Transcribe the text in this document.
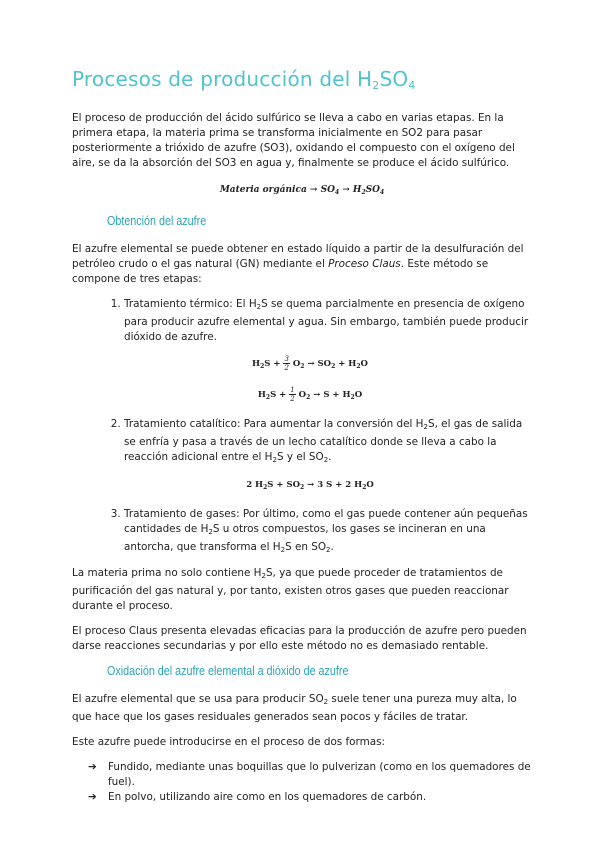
Procesos de producción del $H_2SO_4$

El proceso de producción del ácido sulfúrico se lleva a cabo en varias etapas. En la primera etapa, la materia prima se transforma inicialmente en SO2 para pasar posteriormente a trióxido de azufre (SO3), oxidando el compuesto con el oxígeno del aire, se da la absorción del SO3 en agua y, finalmente se produce el ácido sulfúrico.

Materia orgánica → $SO_4 \to H_2SO_4$
Obtención del azufre

El azufre elemental se puede obtener en estado líquido a partir de la desulfuración del petróleo crudo o el gas natural (GN) mediante el Proceso Claus. Este método se compone de tres etapas:

1. Tratamiento térmico: El $H_2S$ se quema parcialmente en presencia de oxígeno para producir azufre elemental y agua. Sin embargo, también puede producir dióxido de azufre.
$H_2S + \frac{3}{2} O_2 \to SO_2 + H_2O$
$H_2S + \frac{1}{2} O_2 \to S + H_2O$
2. Tratamiento catalítico: Para aumentar la conversión del $H_2S$, el gas de salida se enfría y pasa a través de un lecho catalítico donde se lleva a cabo la reacción adicional entre el $H_2S$ y el $SO_2$.
2 $H_2S + SO_2 \to 3$ S + 2 $H_2O$
3. Tratamiento de gases: Por último, como el gas puede contener aún pequeñas cantidades de $H_2S$ u otros compuestos, los gases se incineran en una antorcha, que transforma el $H_2S$ en $SO_2$.

La materia prima no solo contiene $H_2S$, ya que puede proceder de tratamientos de purificación del gas natural y, por tanto, existen otros gases que pueden reaccionar durante el proceso.

El proceso Claus presenta elevadas eficacias para la producción de azufre pero pueden darse reacciones secundarias y por ello este método no es demasiado rentable.

Oxidación del azufre elemental a dióxido de azufre

El azufre elemental que se usa para producir $SO_2$ suele tener una pureza muy alta, lo que hace que los gases residuales generados sean pocos y fáciles de tratar.

Este azufre puede introducirse en el proceso de dos formas:

➔ Fundido, mediante unas boquillas que lo pulverizan (como en los quemadores de fuel).
➔ En polvo, utilizando aire como en los quemadores de carbón.
